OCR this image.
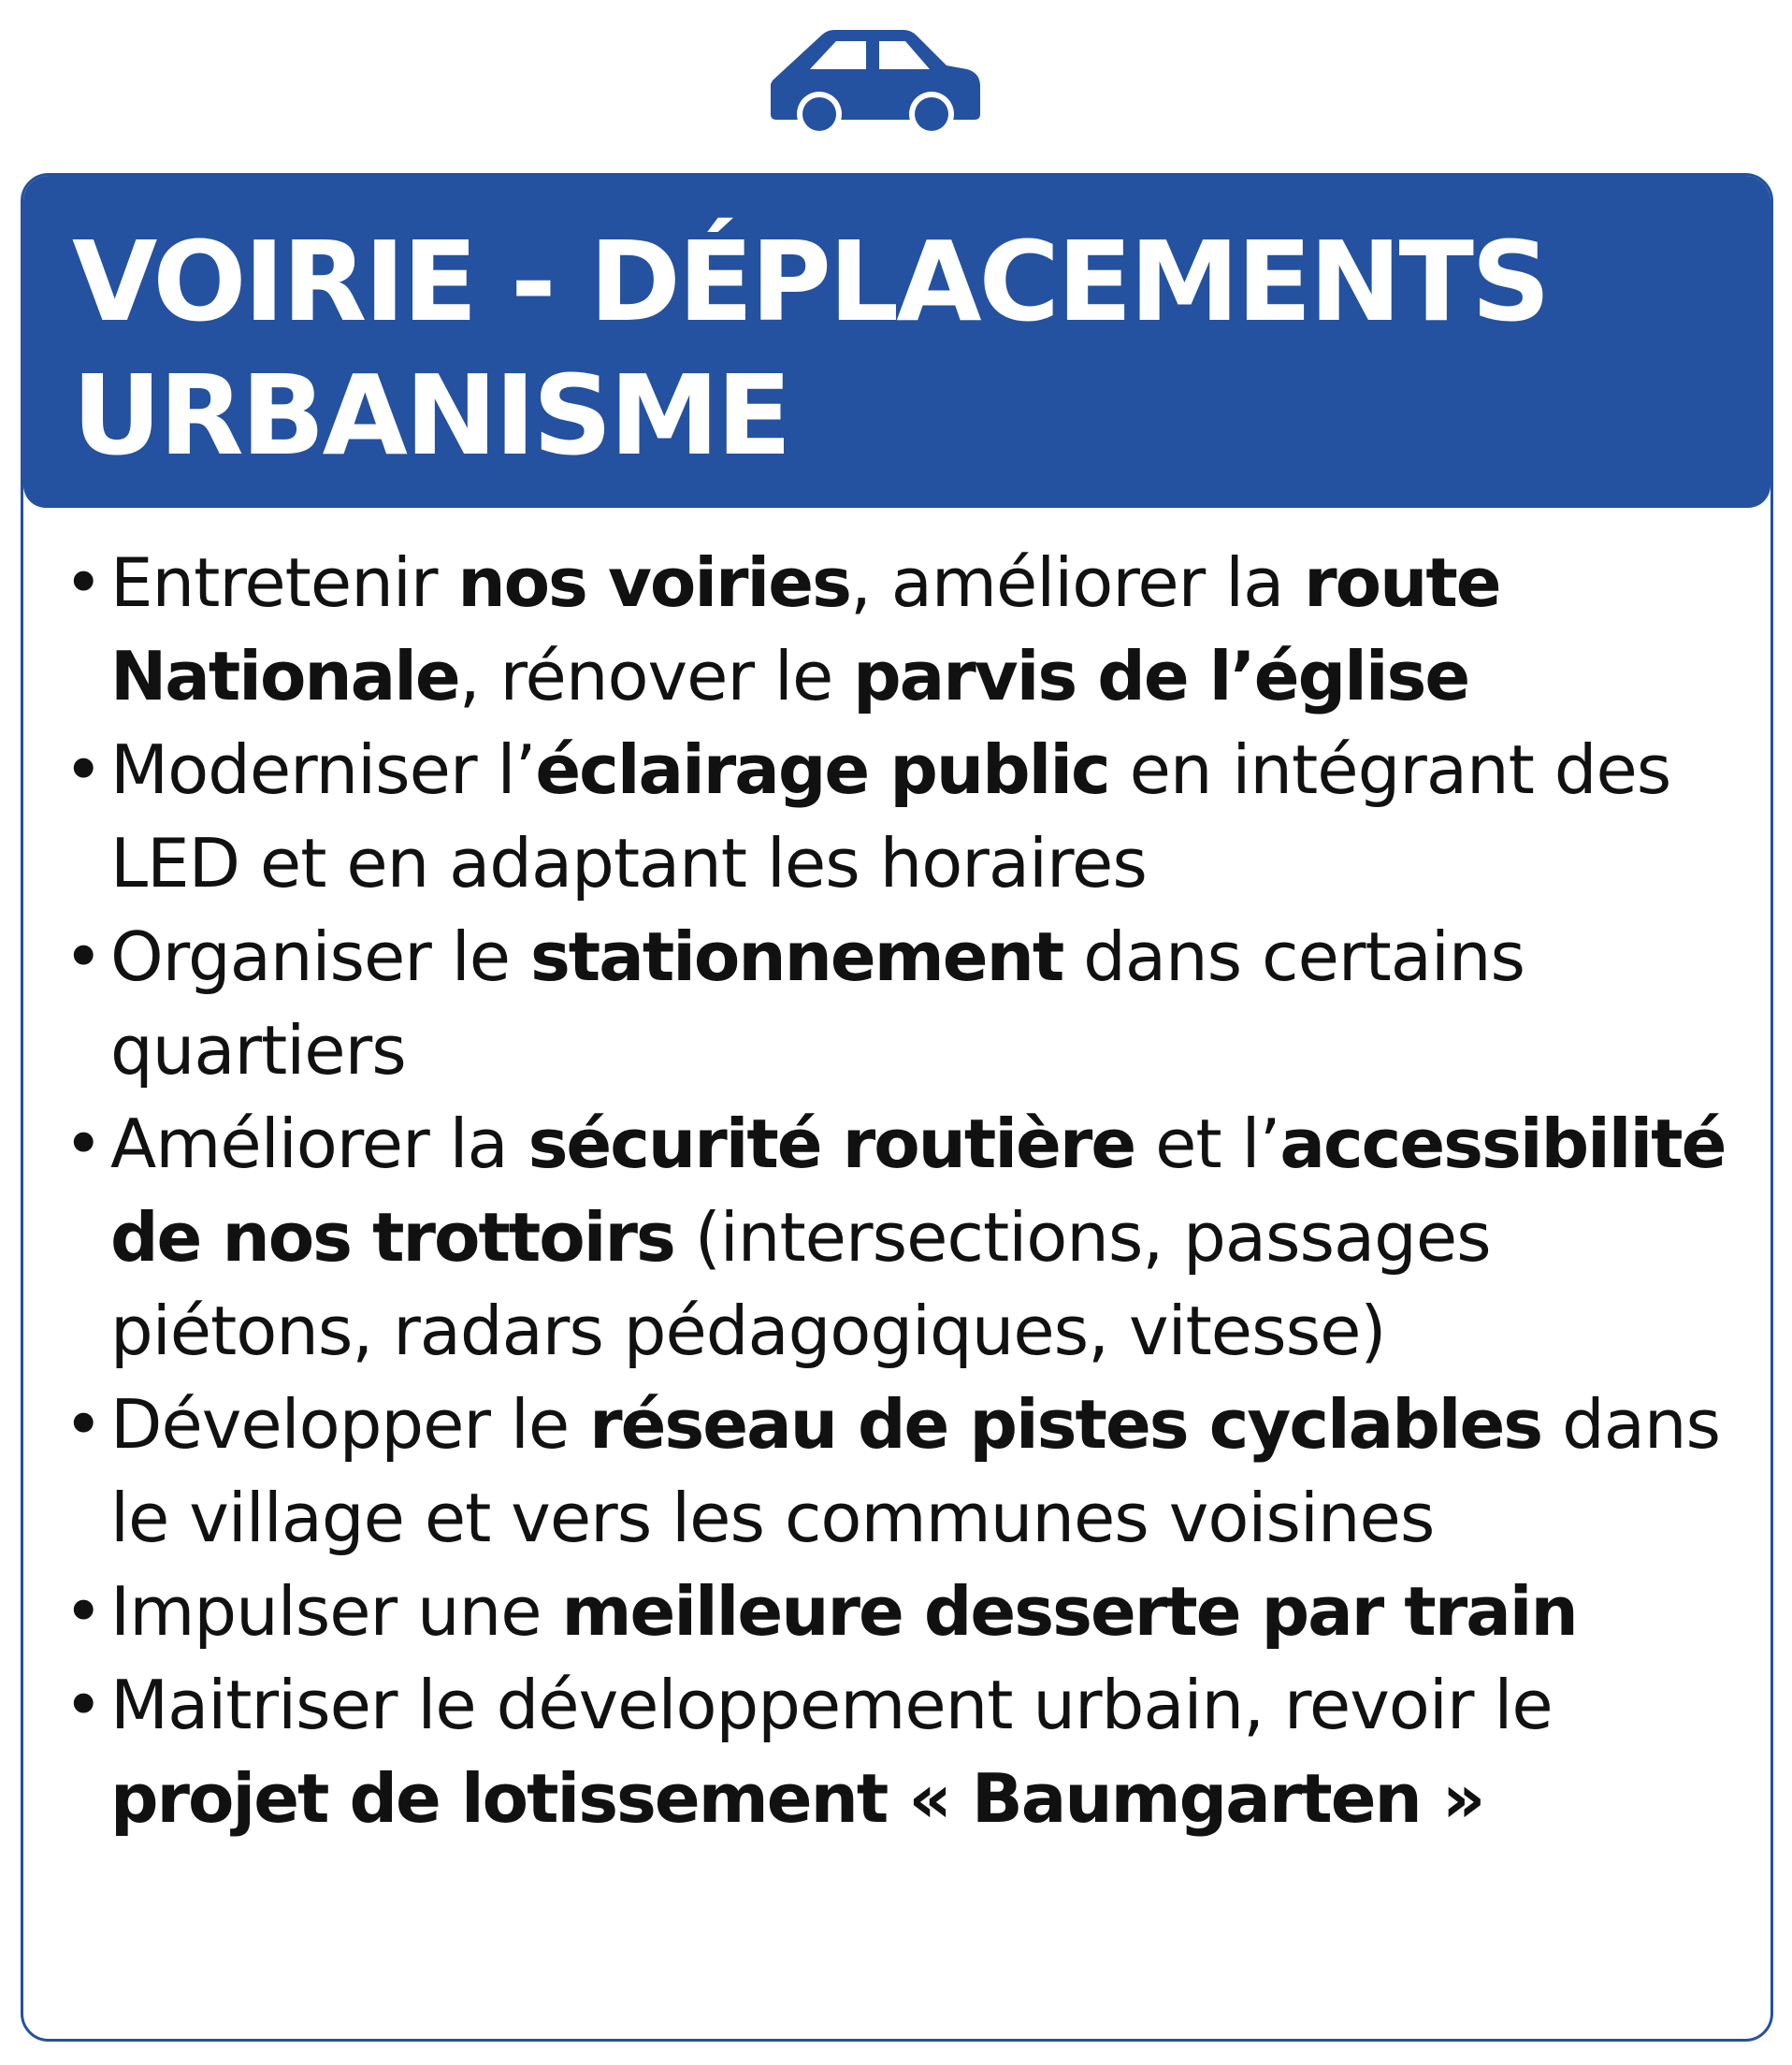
VOIRIE - DÉPLACEMENTS
URBANISME
• Entretenir nos voiries, améliorer la route Nationale, rénover le parvis de l’église
• Moderniser l’éclairage public en intégrant des LED et en adaptant les horaires
• Organiser le stationnement dans certains quartiers
• Améliorer la sécurité routière et l’accessibilité de nos trottoirs (intersections, passages piétons, radars pédagogiques, vitesse)
• Développer le réseau de pistes cyclables dans le village et vers les communes voisines
• Impulser une meilleure desserte par train
• Maitriser le développement urbain, revoir le projet de lotissement « Baumgarten »
